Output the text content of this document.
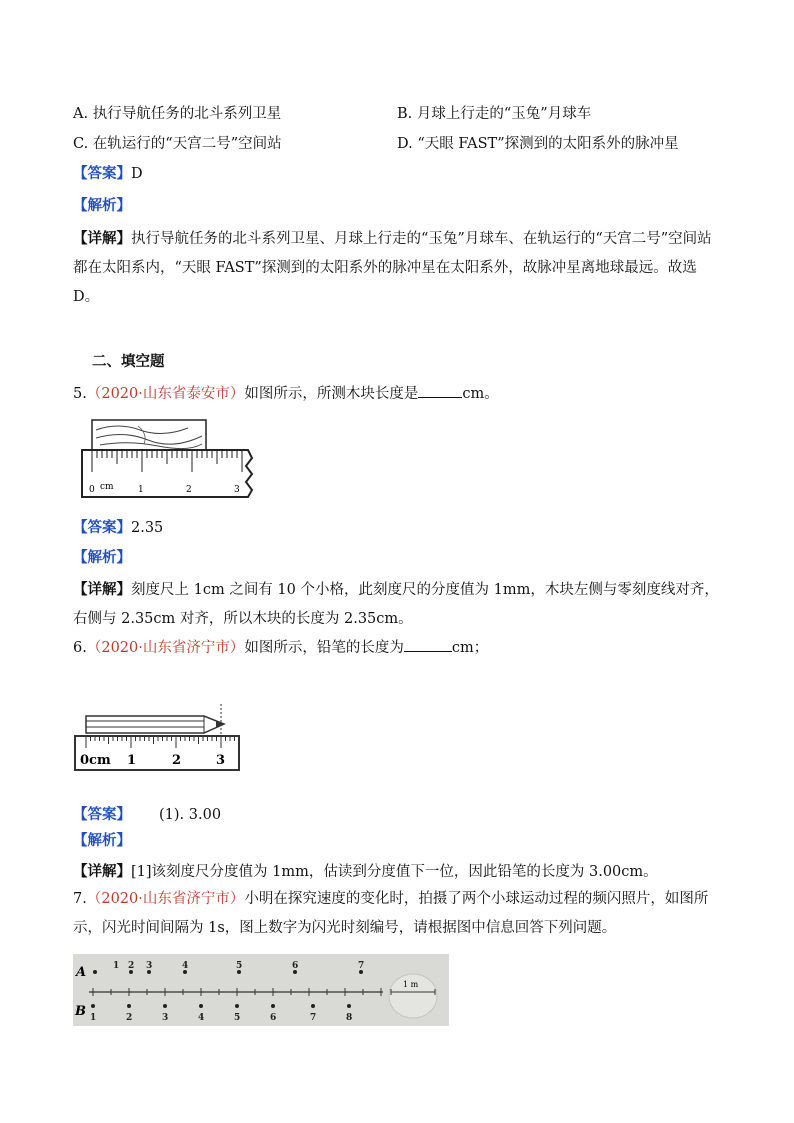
A. 执行导航任务的北斗系列卫星	B. 月球上行走的“玉兔”月球车
C. 在轨运行的“天宫二号”空间站	D. “天眼 FAST”探测到的太阳系外的脉冲星
【答案】D
【解析】
【详解】执行导航任务的北斗系列卫星、月球上行走的“玉兔”月球车、在轨运行的“天宫二号”空间站都在太阳系内，“天眼 FAST”探测到的太阳系外的脉冲星在太阳系外，故脉冲星离地球最远。故选 D。
二、填空题
5.（2020·山东省泰安市）如图所示，所测木块长度是	cm。
0 cm	1	2	3
【答案】2.35
【解析】
【详解】刻度尺上 1cm 之间有 10 个小格，此刻度尺的分度值为 1mm，木块左侧与零刻度线对齐，右侧与 2.35cm 对齐，所以木块的长度为 2.35cm。
6.（2020·山东省济宁市）如图所示，铅笔的长度为	cm；
0cm 1	2	3
【答案】 (1). 3.00
【解析】
【详解】[1]该刻度尺分度值为 1mm，估读到分度值下一位，因此铅笔的长度为 3.00cm。
7.（2020·山东省济宁市）小明在探究速度的变化时，拍摄了两个小球运动过程的频闪照片，如图所示，闪光时间间隔为 1s，图上数字为闪光时刻编号，请根据图中信息回答下列问题。
A
B
1 m
1 2 3	4	5	6	7
1	2	3	4	5	6	7	8
